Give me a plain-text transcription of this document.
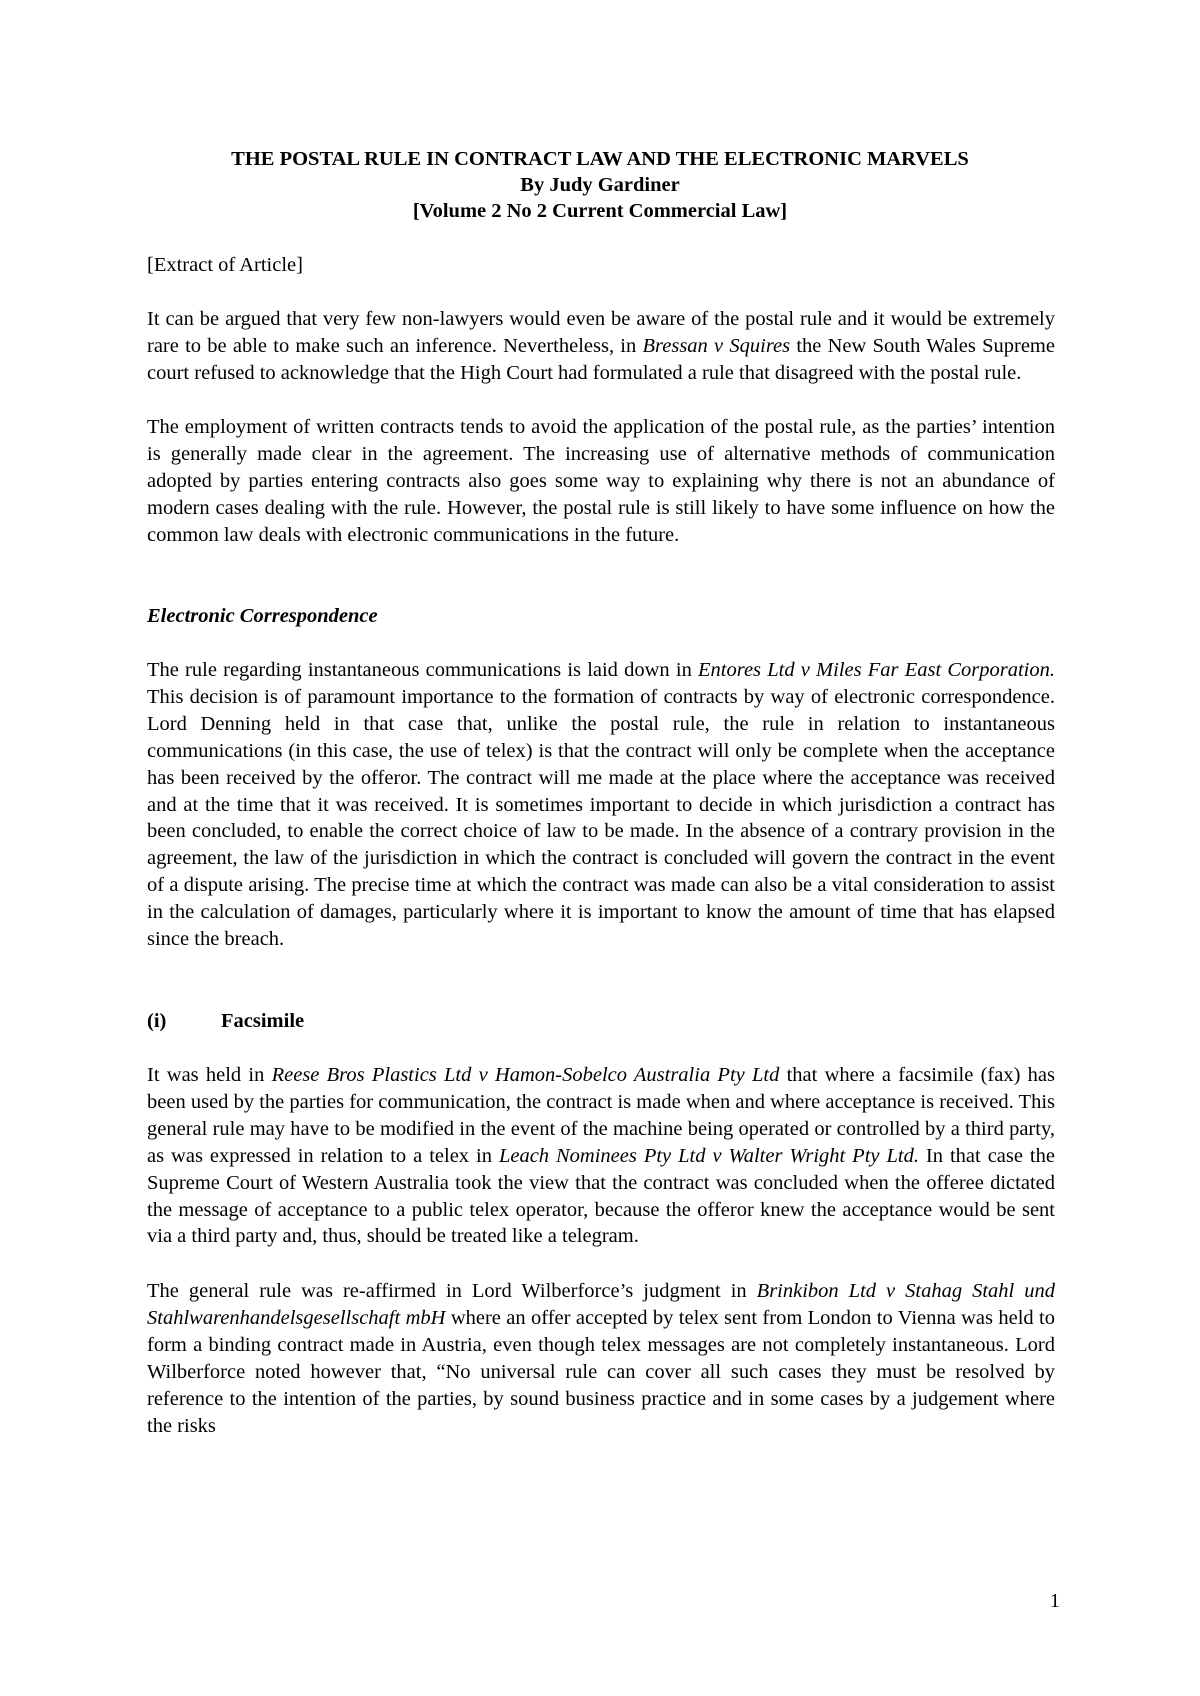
THE POSTAL RULE IN CONTRACT LAW AND THE ELECTRONIC MARVELS
By Judy Gardiner
[Volume 2 No 2 Current Commercial Law]
[Extract of Article]

It can be argued that very few non-lawyers would even be aware of the postal rule and it would be extremely rare to be able to make such an inference. Nevertheless, in Bressan v Squires the New South Wales Supreme court refused to acknowledge that the High Court had formulated a rule that disagreed with the postal rule.

The employment of written contracts tends to avoid the application of the postal rule, as the parties’ intention is generally made clear in the agreement. The increasing use of alternative methods of communication adopted by parties entering contracts also goes some way to explaining why there is not an abundance of modern cases dealing with the rule. However, the postal rule is still likely to have some influence on how the common law deals with electronic communications in the future.

Electronic Correspondence

The rule regarding instantaneous communications is laid down in Entores Ltd v Miles Far East Corporation. This decision is of paramount importance to the formation of contracts by way of electronic correspondence. Lord Denning held in that case that, unlike the postal rule, the rule in relation to instantaneous communications (in this case, the use of telex) is that the contract will only be complete when the acceptance has been received by the offeror. The contract will me made at the place where the acceptance was received and at the time that it was received. It is sometimes important to decide in which jurisdiction a contract has been concluded, to enable the correct choice of law to be made. In the absence of a contrary provision in the agreement, the law of the jurisdiction in which the contract is concluded will govern the contract in the event of a dispute arising. The precise time at which the contract was made can also be a vital consideration to assist in the calculation of damages, particularly where it is important to know the amount of time that has elapsed since the breach.

(i)	Facsimile

It was held in Reese Bros Plastics Ltd v Hamon-Sobelco Australia Pty Ltd that where a facsimile (fax) has been used by the parties for communication, the contract is made when and where acceptance is received. This general rule may have to be modified in the event of the machine being operated or controlled by a third party, as was expressed in relation to a telex in Leach Nominees Pty Ltd v Walter Wright Pty Ltd. In that case the Supreme Court of Western Australia took the view that the contract was concluded when the offeree dictated the message of acceptance to a public telex operator, because the offeror knew the acceptance would be sent via a third party and, thus, should be treated like a telegram.

The general rule was re-affirmed in Lord Wilberforce’s judgment in Brinkibon Ltd v Stahag Stahl und Stahlwarenhandelsgesellschaft mbH where an offer accepted by telex sent from London to Vienna was held to form a binding contract made in Austria, even though telex messages are not completely instantaneous. Lord Wilberforce noted however that, “No universal rule can cover all such cases they must be resolved by reference to the intention of the parties, by sound business practice and in some cases by a judgement where the risks

1
